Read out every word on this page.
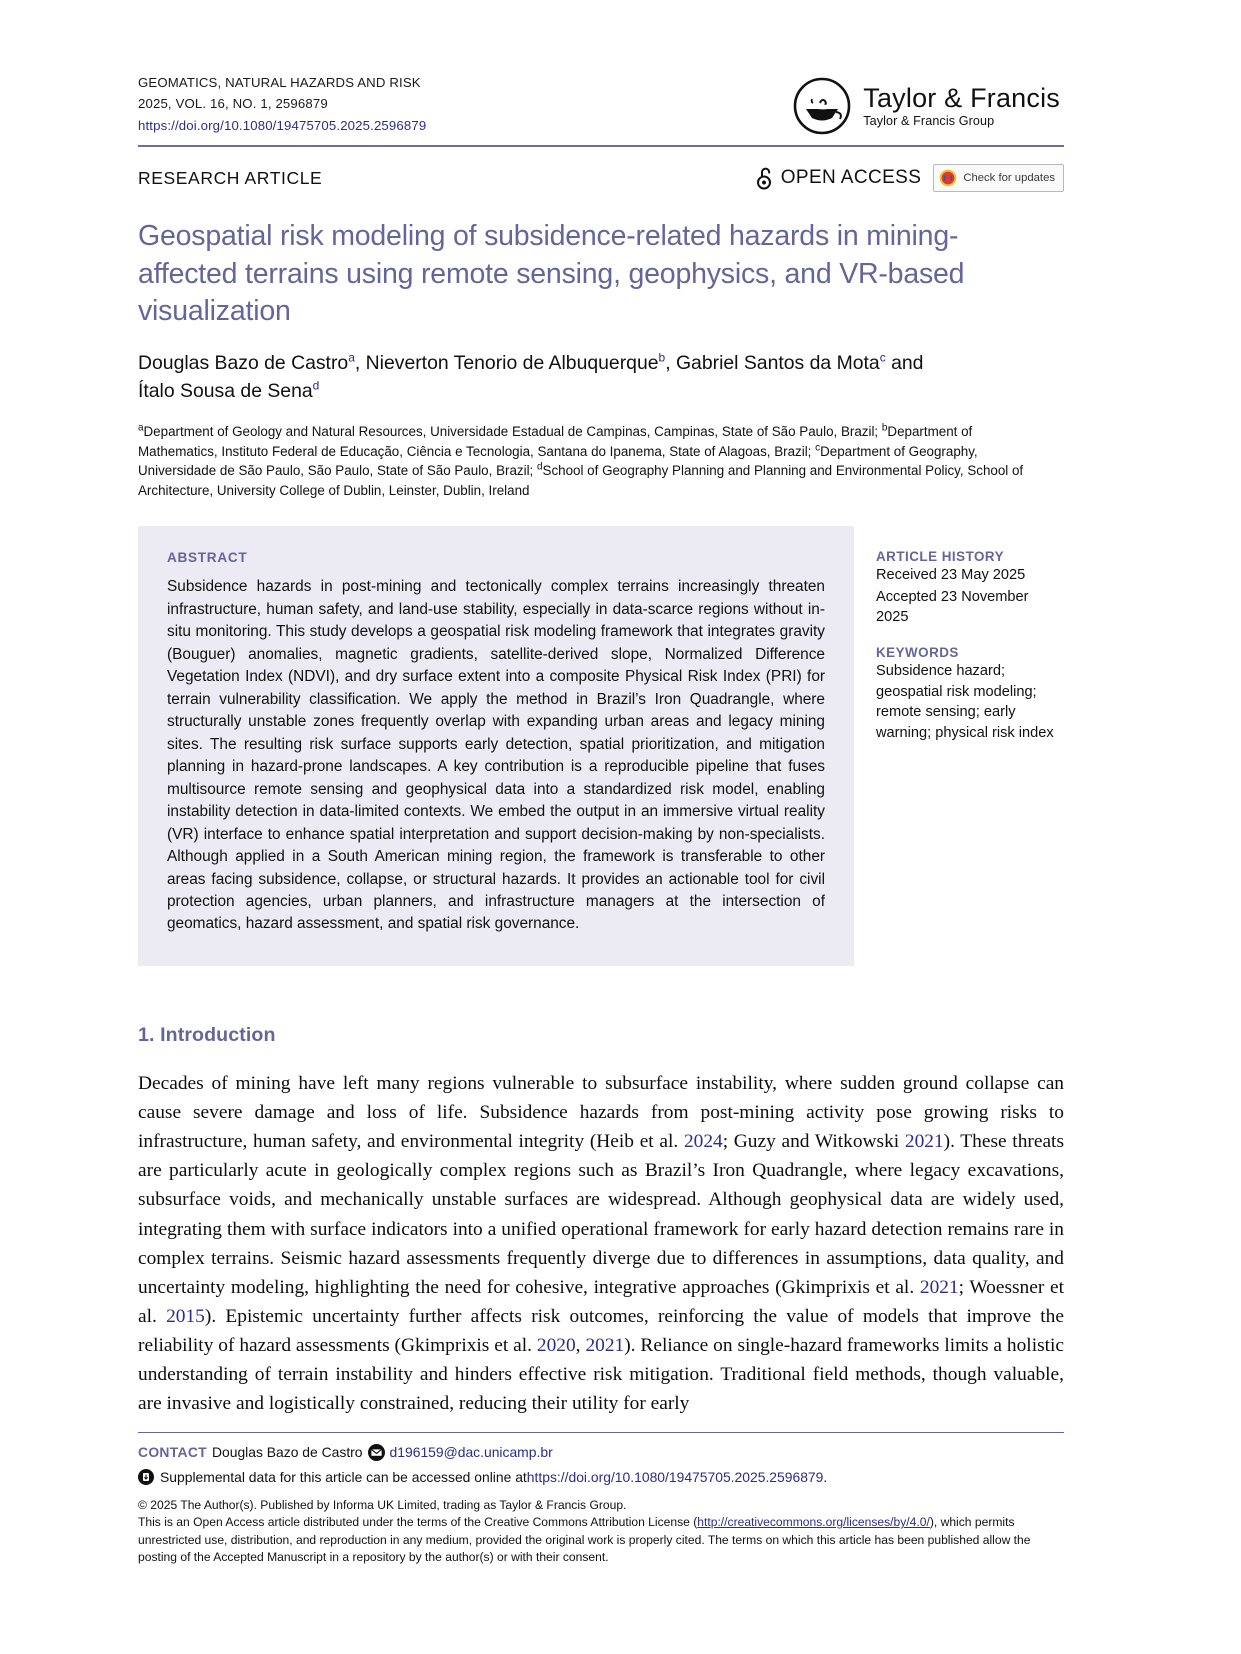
GEOMATICS, NATURAL HAZARDS AND RISK
2025, VOL. 16, NO. 1, 2596879
https://doi.org/10.1080/19475705.2025.2596879
Taylor & Francis
Taylor & Francis Group
RESEARCH ARTICLE	OPEN ACCESS	Check for updates
Geospatial risk modeling of subsidence-related hazards in mining-affected terrains using remote sensing, geophysics, and VR-based visualization
Douglas Bazo de Castro$^a$, Nieverton Tenorio de Albuquerque$^b$, Gabriel Santos da Mota$^c$ and
Ítalo Sousa de Sena$^d$
$^a$Department of Geology and Natural Resources, Universidade Estadual de Campinas, Campinas, State of São Paulo, Brazil; $^b$Department of Mathematics, Instituto Federal de Educação, Ciência e Tecnologia, Santana do Ipanema, State of Alagoas, Brazil; $^c$Department of Geography, Universidade de São Paulo, São Paulo, State of São Paulo, Brazil; $^d$School of Geography Planning and Planning and Environmental Policy, School of Architecture, University College of Dublin, Leinster, Dublin, Ireland
ABSTRACT
Subsidence hazards in post-mining and tectonically complex terrains increasingly threaten infrastructure, human safety, and land-use stability, especially in data-scarce regions without in-situ monitoring. This study develops a geospatial risk modeling framework that integrates gravity (Bouguer) anomalies, magnetic gradients, satellite-derived slope, Normalized Difference Vegetation Index (NDVI), and dry surface extent into a composite Physical Risk Index (PRI) for terrain vulnerability classification. We apply the method in Brazil’s Iron Quadrangle, where structurally unstable zones frequently overlap with expanding urban areas and legacy mining sites. The resulting risk surface supports early detection, spatial prioritization, and mitigation planning in hazard-prone landscapes. A key contribution is a reproducible pipeline that fuses multisource remote sensing and geophysical data into a standardized risk model, enabling instability detection in data-limited contexts. We embed the output in an immersive virtual reality (VR) interface to enhance spatial interpretation and support decision-making by non-specialists. Although applied in a South American mining region, the framework is transferable to other areas facing subsidence, collapse, or structural hazards. It provides an actionable tool for civil protection agencies, urban planners, and infrastructure managers at the intersection of geomatics, hazard assessment, and spatial risk governance.
ARTICLE HISTORY
Received 23 May 2025
Accepted 23 November 2025
KEYWORDS
Subsidence hazard; geospatial risk modeling; remote sensing; early warning; physical risk index
1. Introduction

Decades of mining have left many regions vulnerable to subsurface instability, where sudden ground collapse can cause severe damage and loss of life. Subsidence hazards from post-mining activity pose growing risks to infrastructure, human safety, and environmental integrity (Heib et al. 2024; Guzy and Witkowski 2021). These threats are particularly acute in geologically complex regions such as Brazil’s Iron Quadrangle, where legacy excavations, subsurface voids, and mechanically unstable surfaces are widespread. Although geophysical data are widely used, integrating them with surface indicators into a unified operational framework for early hazard detection remains rare in complex terrains. Seismic hazard assessments frequently diverge due to differences in assumptions, data quality, and uncertainty modeling, highlighting the need for cohesive, integrative approaches (Gkimprixis et al. 2021; Woessner et al. 2015). Epistemic uncertainty further affects risk outcomes, reinforcing the value of models that improve the reliability of hazard assessments (Gkimprixis et al. 2020, 2021). Reliance on single-hazard frameworks limits a holistic understanding of terrain instability and hinders effective risk mitigation. Traditional field methods, though valuable, are invasive and logistically constrained, reducing their utility for early

CONTACT Douglas Bazo de Castro d196159@dac.unicamp.br
Supplemental data for this article can be accessed online at https://doi.org/10.1080/19475705.2025.2596879 .
© 2025 The Author(s). Published by Informa UK Limited, trading as Taylor & Francis Group.
This is an Open Access article distributed under the terms of the Creative Commons Attribution License (http://creativecommons.org/licenses/by/4.0/), which permits unrestricted use, distribution, and reproduction in any medium, provided the original work is properly cited. The terms on which this article has been published allow the posting of the Accepted Manuscript in a repository by the author(s) or with their consent.
